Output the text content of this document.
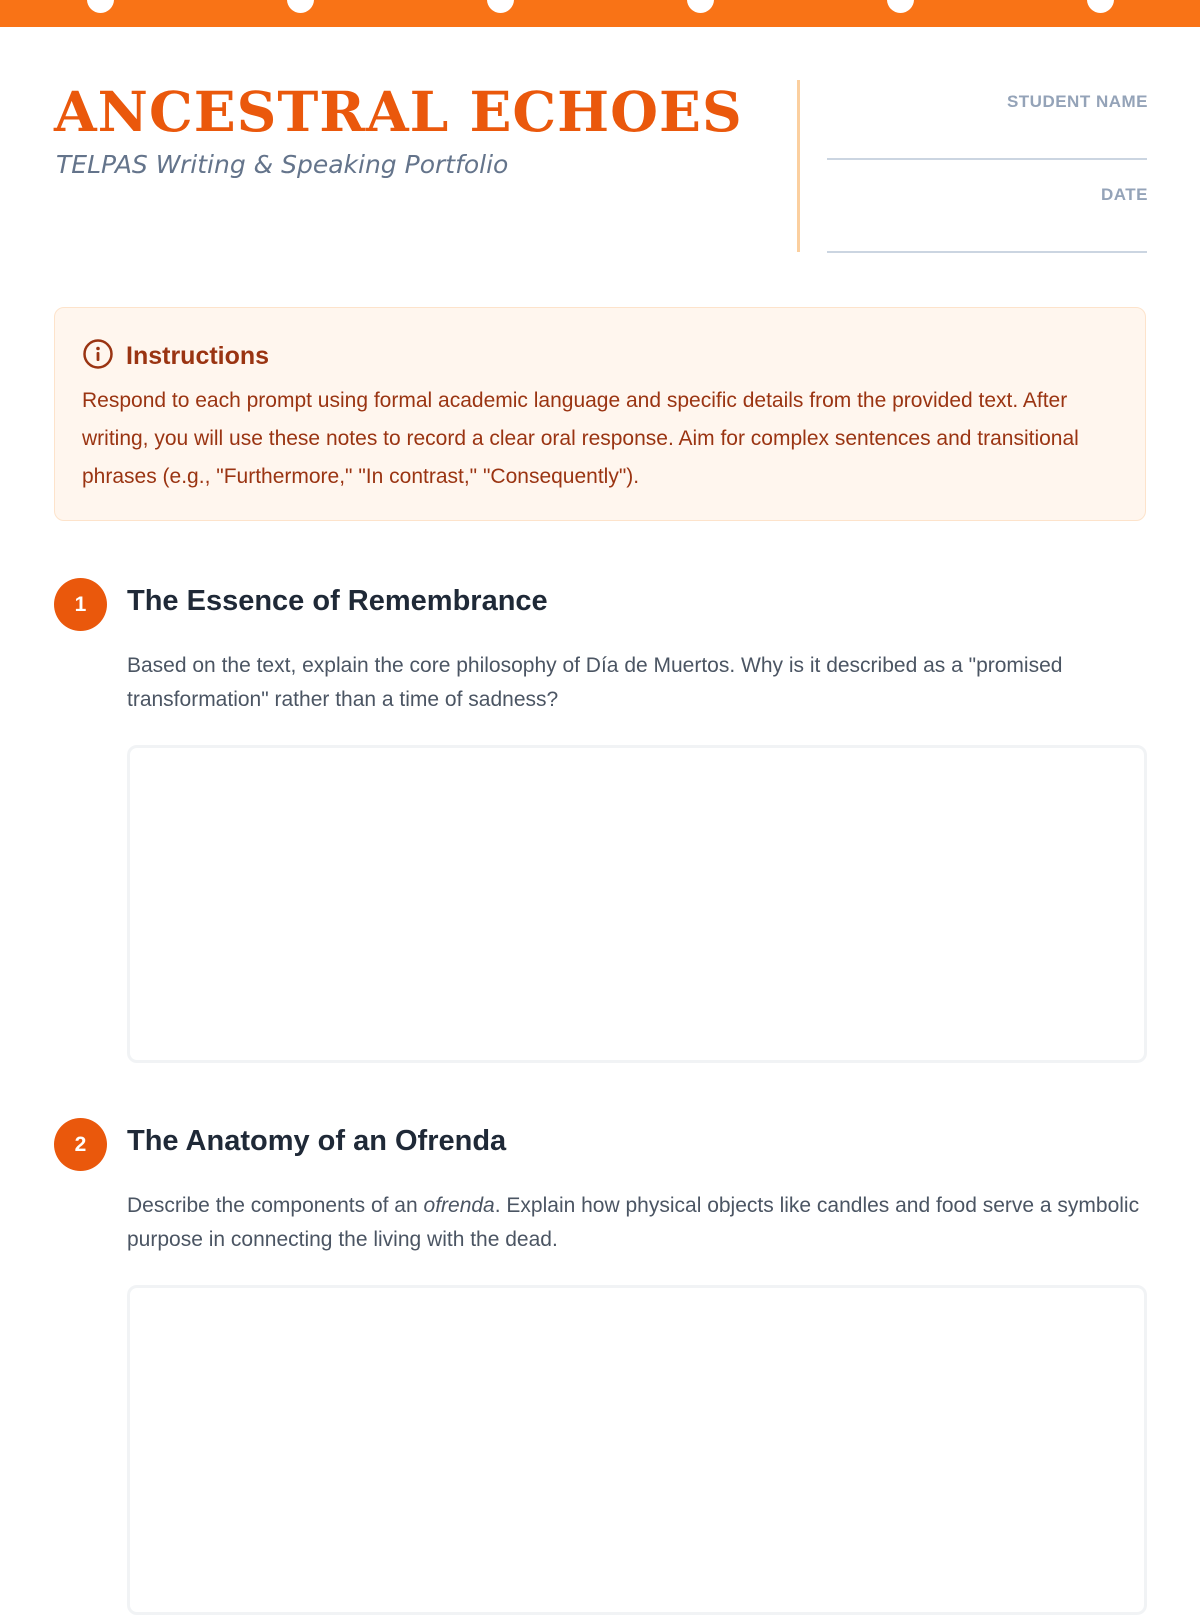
ANCESTRAL ECHOES
TELPAS Writing & Speaking Portfolio
STUDENT NAME
DATE
Instructions
Respond to each prompt using formal academic language and specific details from the provided text. After writing, you will use these notes to record a clear oral response. Aim for complex sentences and transitional phrases (e.g., "Furthermore," "In contrast," "Consequently").
1	The Essence of Remembrance
Based on the text, explain the core philosophy of Día de Muertos. Why is it described as a "promised transformation" rather than a time of sadness?
2	The Anatomy of an Ofrenda
Describe the components of an ofrenda. Explain how physical objects like candles and food serve a symbolic purpose in connecting the living with the dead.
